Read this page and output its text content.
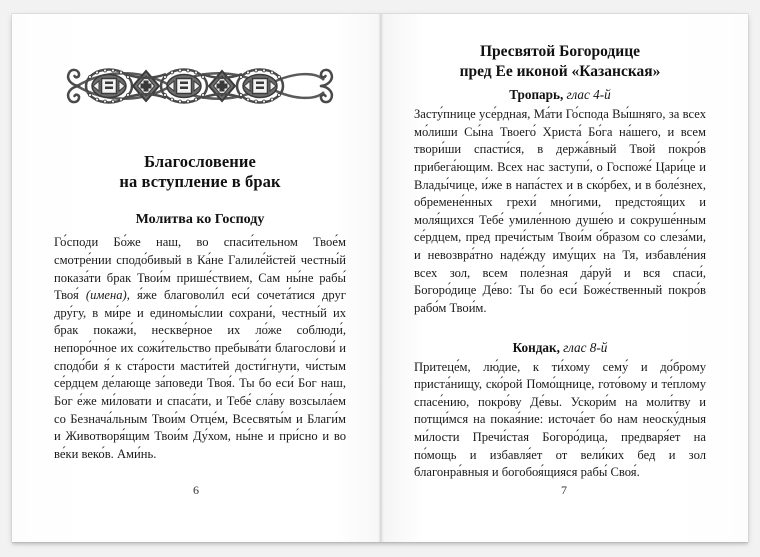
Благословение
на вступление в брак
Молитва ко Господу

Го́споди Бо́же наш, во спаси́тельном Твое́м смотре́нии сподо́бивый в Ка́не Галиле́йстей честны́й показа́ти брак Твои́м прише́ствием, Сам ны́не рабы́ Твоя́ (имена), я́же благоволи́л еси́ сочета́тися друг дру́гу, в ми́ре и единомы́слии сохрани́, честны́й их брак покажи́, нескве́рное их ло́же соблюди́, непоро́чное их сожи́тельство пребыва́ти благослови́ и сподо́би я́ к ста́рости масти́тей дости́гнути, чи́стым се́рдцем де́лающе за́поведи Твоя́. Ты бо еси́ Бог наш, Бог е́же ми́ловати и спаса́ти, и Тебе́ сла́ву возсыла́ем со Безнача́льным Твои́м Отце́м, Всесвяты́м и Благи́м и Животворя́щим Твои́м Ду́хом, ны́не и при́сно и во ве́ки веко́в. Ами́нь.

6
Пресвятой Богородице
пред Ее иконой «Казанская»
Тропарь, глас 4-й

Засту́пнице усе́рдная, Ма́ти Го́спода Вы́шняго, за всех мо́лиши Сы́на Твоего́ Христа́ Бо́га на́шего, и всем твори́ши спасти́ся, в держа́вный Твой покро́в прибега́ющим. Всех нас заступи́, о Госпоже́ Цари́це и Влады́чице, и́же в напа́стех и в ско́рбех, и в боле́знех, обремене́нных грехи́ мно́гими, предстоя́щих и моля́щихся Тебе́ умиле́нною душе́ю и сокруше́нным се́рдцем, пред пречи́стым Твои́м о́бразом со слеза́ми, и невозвра́тно наде́жду иму́щих на Тя, избавле́ния всех зол, всем поле́зная да́руй и вся спаси́, Богоро́дице Де́во: Ты бо еси́ Боже́ственный покро́в рабо́м Твои́м.

Кондак, глас 8-й

Притеце́м, лю́дие, к ти́хому сему́ и до́брому приста́нищу, ско́рой Помо́щнице, гото́вому и те́плому спасе́нию, покро́ву Де́вы. Ускори́м на моли́тву и потщи́мся на покая́ние: источа́ет бо нам неоску́дныя ми́лости Пречи́стая Богоро́дица, предваря́ет на по́мощь и избавля́ет от вели́ких бед и зол благонра́вныя и богобоя́щияся рабы́ Своя́.

7
